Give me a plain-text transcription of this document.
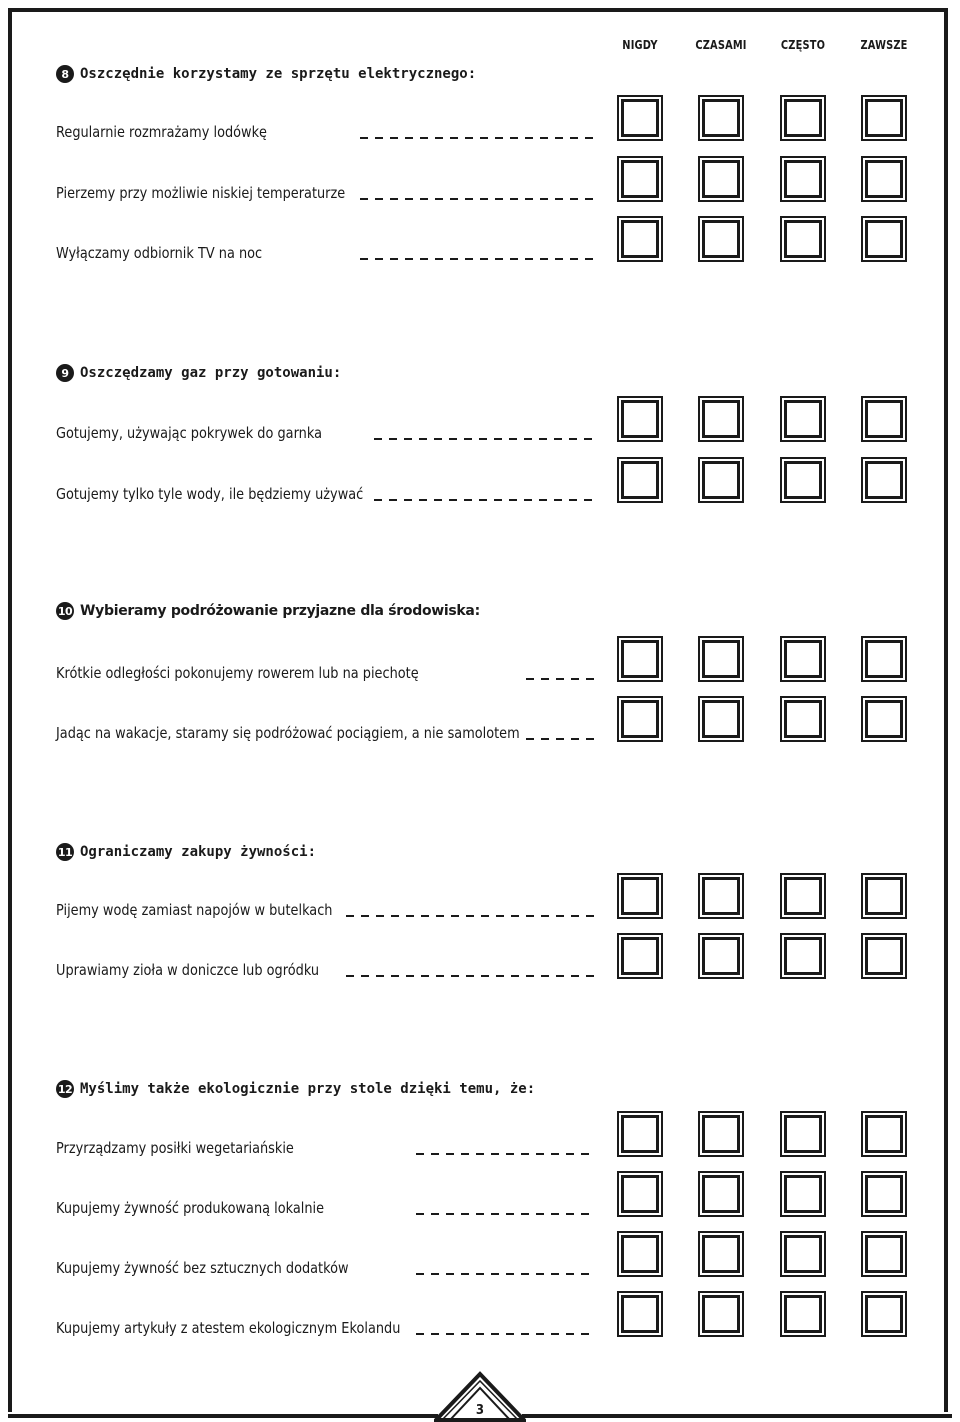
3
NIGDY	CZASAMI	CZĘSTO	ZAWSZE
8 Oszczędnie korzystamy ze sprzętu elektrycznego:
Regularnie rozmrażamy lodówkę
Pierzemy przy możliwie niskiej temperaturze
Wyłączamy odbiornik TV na noc
9 Oszczędzamy gaz przy gotowaniu:
Gotujemy, używając pokrywek do garnka
Gotujemy tylko tyle wody, ile będziemy używać
10 Wybieramy podróżowanie przyjazne dla środowiska:
Krótkie odległości pokonujemy rowerem lub na piechotę
Jadąc na wakacje, staramy się podróżować pociągiem, a nie samolotem
11 Ograniczamy zakupy żywności:
Pijemy wodę zamiast napojów w butelkach
Uprawiamy zioła w doniczce lub ogródku
12 Myślimy także ekologicznie przy stole dzięki temu, że:
Przyrządzamy posiłki wegetariańskie
Kupujemy żywność produkowaną lokalnie
Kupujemy żywność bez sztucznych dodatków
Kupujemy artykuły z atestem ekologicznym Ekolandu
